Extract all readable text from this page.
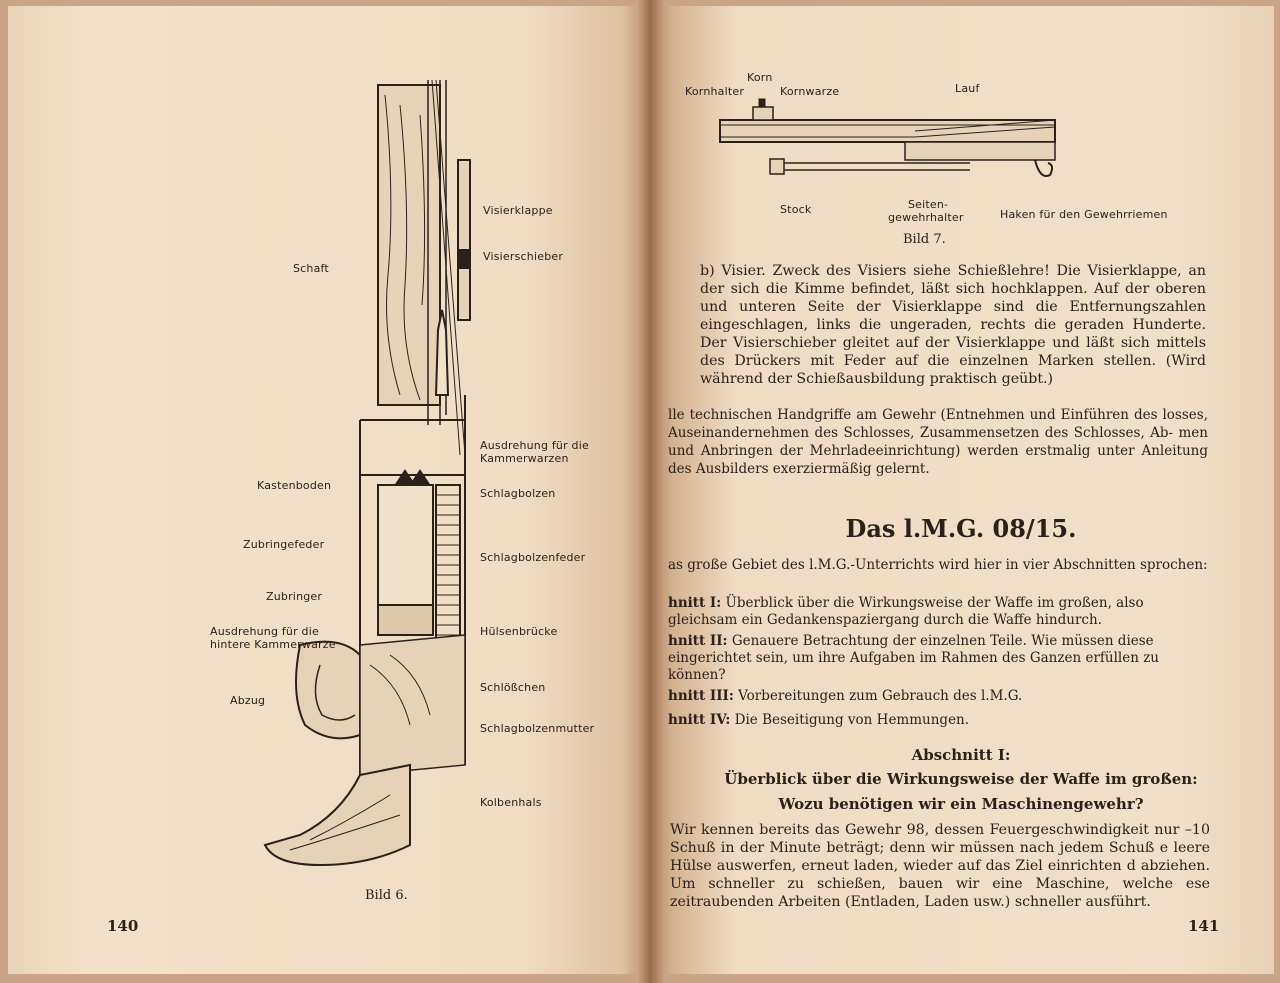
Visierklappe
Visierschieber
Schaft
Ausdrehung für die
Kammerwarzen
Kastenboden
Schlagbolzen
Zubringefeder
Schlagbolzenfeder
Zubringer
Ausdrehung für die
hintere Kammerwarze
Hülsenbrücke
Abzug
Schlößchen
Schlagbolzenmutter
Kolbenhals
Bild 6.
140
Korn
Kornhalter	Kornwarze	Lauf
Stock	Seiten-
gewehrhalter	Haken für den Gewehrriemen
Bild 7.

b) Visier. Zweck des Visiers siehe Schießlehre! Die Visierklappe, an der sich die Kimme befindet, läßt sich hochklappen. Auf der oberen und unteren Seite der Visierklappe sind die Entfernungszahlen eingeschlagen, links die ungeraden, rechts die geraden Hunderte. Der Visierschieber gleitet auf der Visierklappe und läßt sich mittels des Drückers mit Feder auf die einzelnen Marken stellen. (Wird während der Schießausbildung praktisch geübt.)

lle technischen Handgriffe am Gewehr (Entnehmen und Einführen des losses, Auseinandernehmen des Schlosses, Zusammensetzen des Schlosses, Ab- men und Anbringen der Mehrladeeinrichtung) werden erstmalig unter Anleitung des Ausbilders exerziermäßig gelernt.

Das l.M.G. 08/15.

as große Gebiet des l.M.G.-Unterrichts wird hier in vier Abschnitten sprochen:

hnitt I: Überblick über die Wirkungsweise der Waffe im großen, also gleichsam ein Gedankenspaziergang durch die Waffe hindurch.
hnitt II: Genauere Betrachtung der einzelnen Teile. Wie müssen diese eingerichtet sein, um ihre Aufgaben im Rahmen des Ganzen erfüllen zu können?
hnitt III: Vorbereitungen zum Gebrauch des l.M.G.
hnitt IV: Die Beseitigung von Hemmungen.
Abschnitt I:
Überblick über die Wirkungsweise der Waffe im großen:
Wozu benötigen wir ein Maschinengewehr?

Wir kennen bereits das Gewehr 98, dessen Feuergeschwindigkeit nur –10 Schuß in der Minute beträgt; denn wir müssen nach jedem Schuß e leere Hülse auswerfen, erneut laden, wieder auf das Ziel einrichten d abziehen. Um schneller zu schießen, bauen wir eine Maschine, welche ese zeitraubenden Arbeiten (Entladen, Laden usw.) schneller ausführt.

141
